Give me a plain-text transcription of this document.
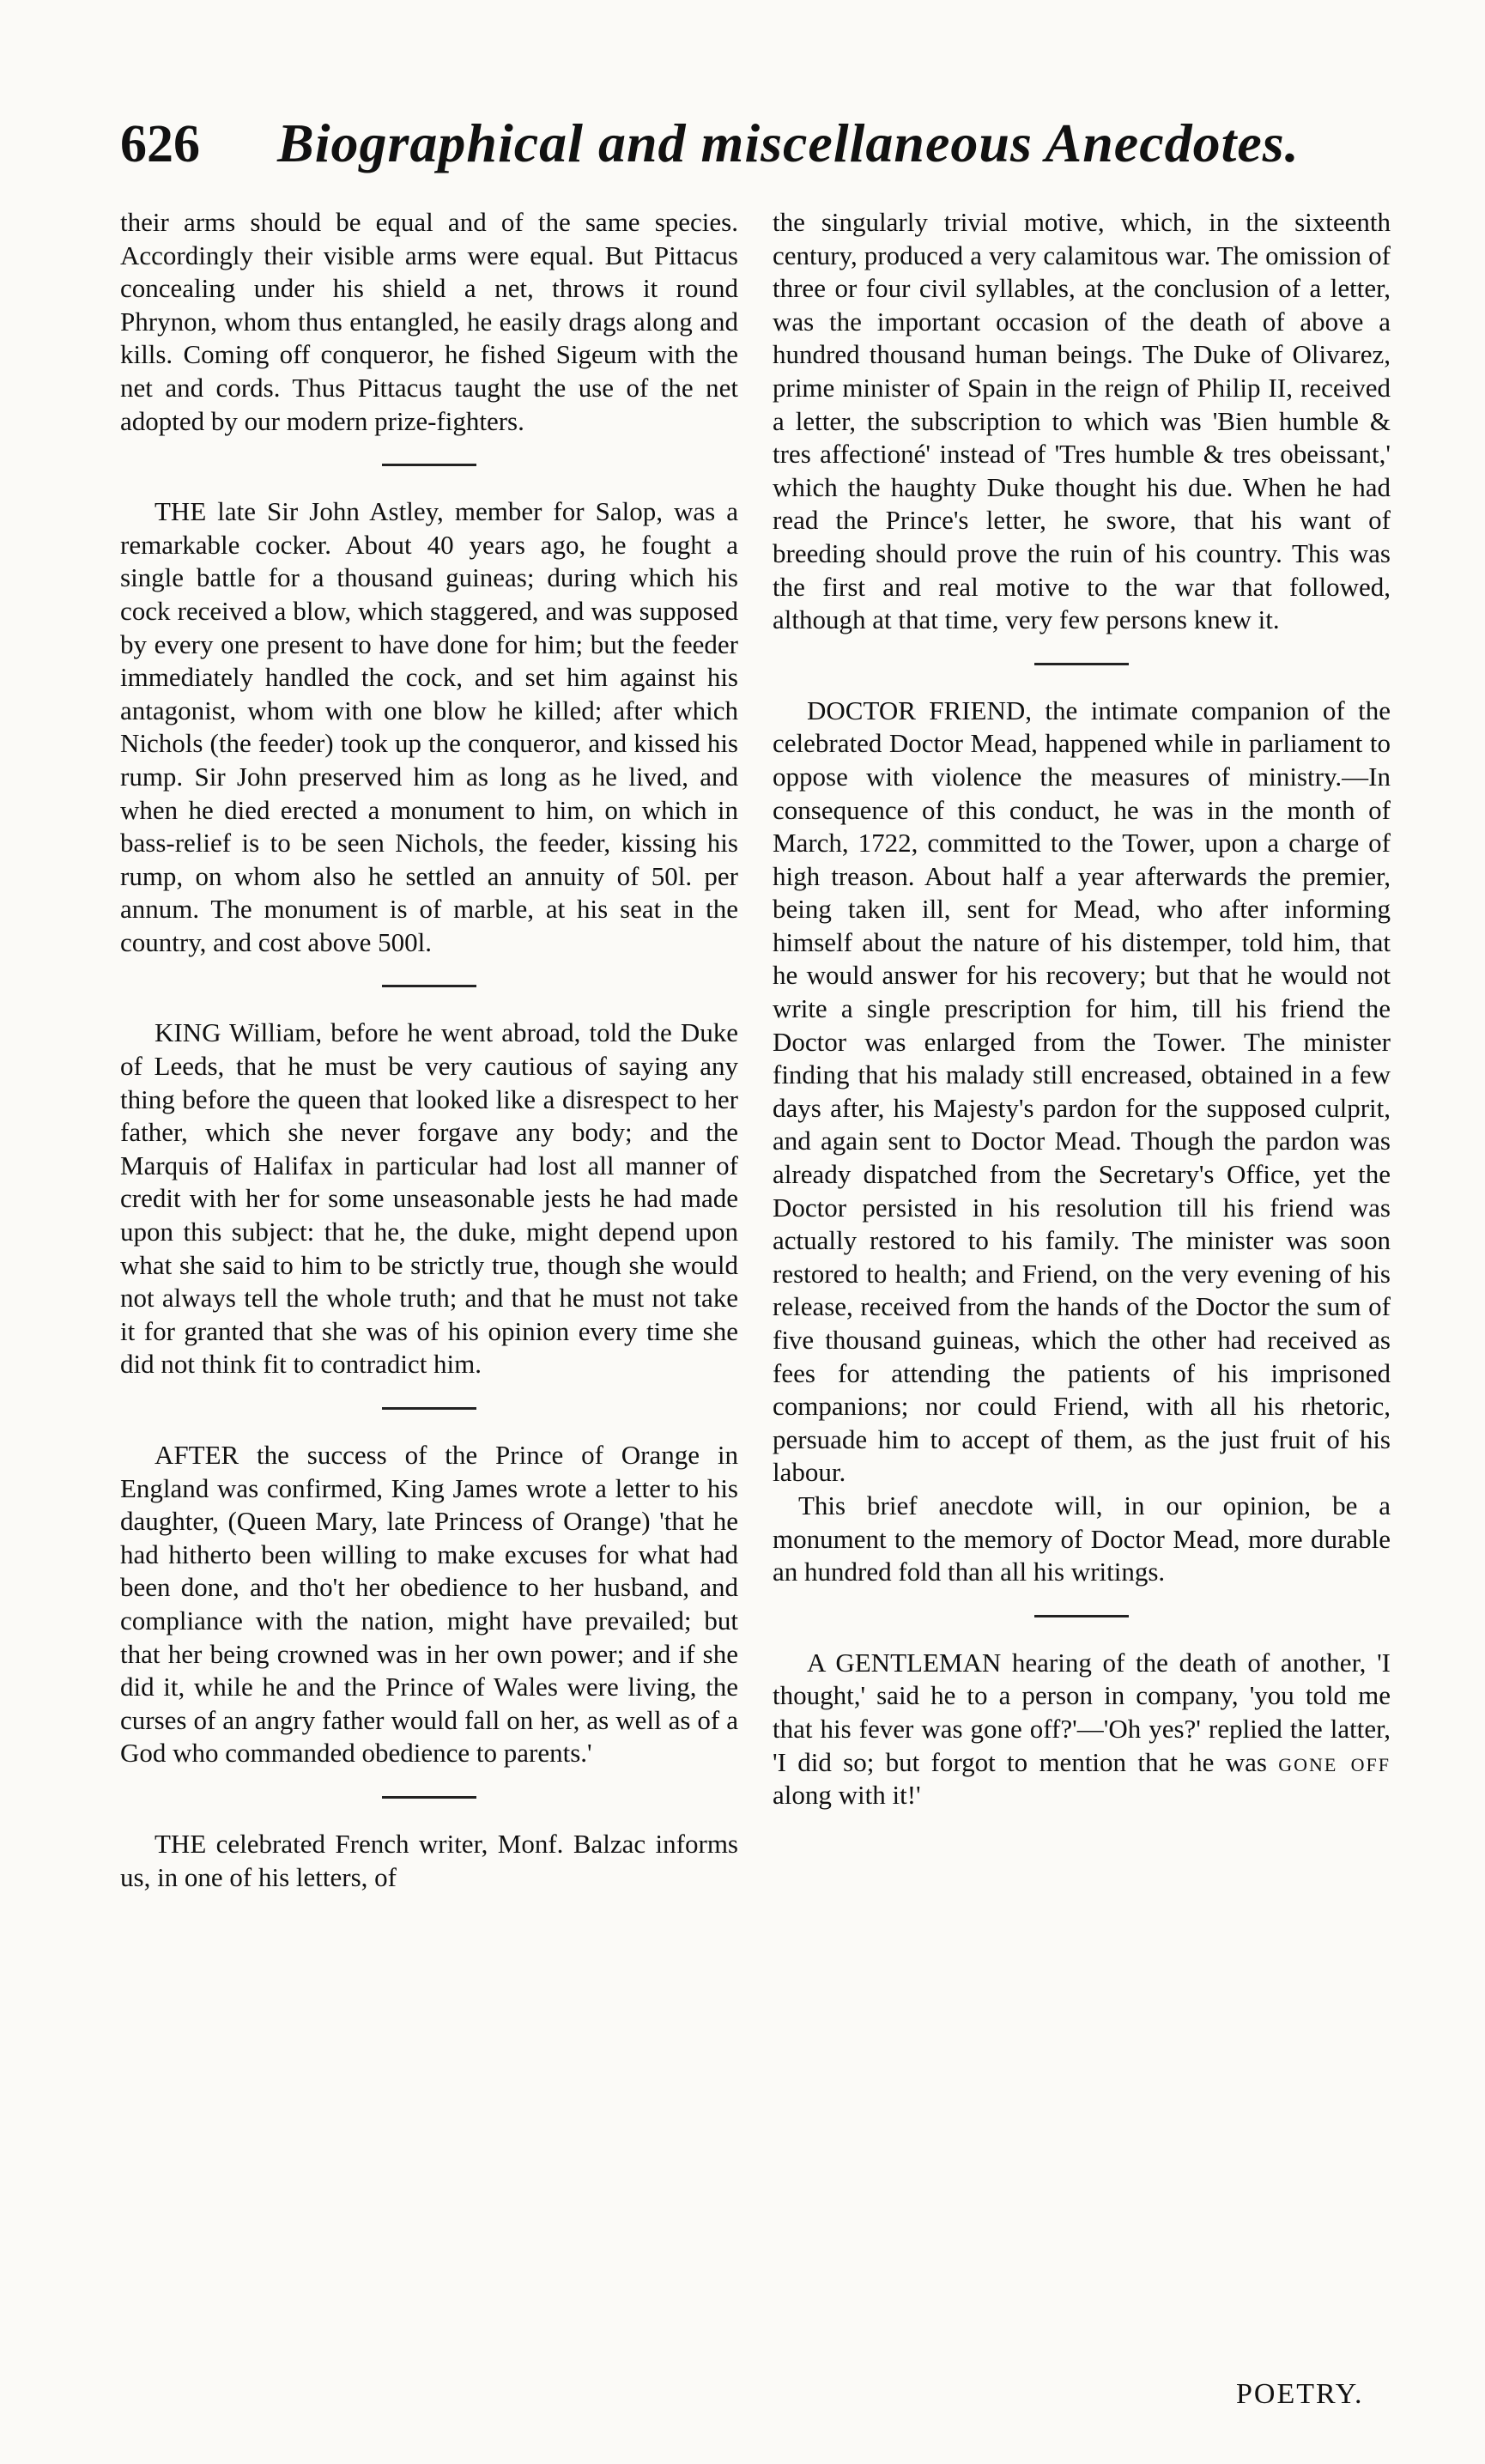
626 Biographical and miscellaneous Anecdotes.

their arms should be equal and of the same species. Accordingly their visible arms were equal. But Pittacus concealing under his shield a net, throws it round Phrynon, whom thus entangled, he easily drags along and kills. Coming off conqueror, he fished Sigeum with the net and cords. Thus Pittacus taught the use of the net adopted by our modern prize-fighters.

THE late Sir John Astley, member for Salop, was a remarkable cocker. About 40 years ago, he fought a single battle for a thousand guineas; during which his cock received a blow, which staggered, and was supposed by every one present to have done for him; but the feeder immediately handled the cock, and set him against his antagonist, whom with one blow he killed; after which Nichols (the feeder) took up the conqueror, and kissed his rump. Sir John preserved him as long as he lived, and when he died erected a monument to him, on which in bass-relief is to be seen Nichols, the feeder, kissing his rump, on whom also he settled an annuity of 50l. per annum. The monument is of marble, at his seat in the country, and cost above 500l.

KING William, before he went abroad, told the Duke of Leeds, that he must be very cautious of saying any thing before the queen that looked like a disrespect to her father, which she never forgave any body; and the Marquis of Halifax in particular had lost all manner of credit with her for some unseasonable jests he had made upon this subject: that he, the duke, might depend upon what she said to him to be strictly true, though she would not always tell the whole truth; and that he must not take it for granted that she was of his opinion every time she did not think fit to contradict him.

AFTER the success of the Prince of Orange in England was confirmed, King James wrote a letter to his daughter, (Queen Mary, late Princess of Orange) 'that he had hitherto been willing to make excuses for what had been done, and tho't her obedience to her husband, and compliance with the nation, might have prevailed; but that her being crowned was in her own power; and if she did it, while he and the Prince of Wales were living, the curses of an angry father would fall on her, as well as of a God who commanded obedience to parents.'

THE celebrated French writer, Monf. Balzac informs us, in one of his letters, of

the singularly trivial motive, which, in the sixteenth century, produced a very calamitous war. The omission of three or four civil syllables, at the conclusion of a letter, was the important occasion of the death of above a hundred thousand human beings. The Duke of Olivarez, prime minister of Spain in the reign of Philip II, received a letter, the subscription to which was 'Bien humble & tres affectioné' instead of 'Tres humble & tres obeissant,' which the haughty Duke thought his due. When he had read the Prince's letter, he swore, that his want of breeding should prove the ruin of his country. This was the first and real motive to the war that followed, although at that time, very few persons knew it.

DOCTOR FRIEND, the intimate companion of the celebrated Doctor Mead, happened while in parliament to oppose with violence the measures of ministry.—In consequence of this conduct, he was in the month of March, 1722, committed to the Tower, upon a charge of high treason. About half a year afterwards the premier, being taken ill, sent for Mead, who after informing himself about the nature of his distemper, told him, that he would answer for his recovery; but that he would not write a single prescription for him, till his friend the Doctor was enlarged from the Tower. The minister finding that his malady still encreased, obtained in a few days after, his Majesty's pardon for the supposed culprit, and again sent to Doctor Mead. Though the pardon was already dispatched from the Secretary's Office, yet the Doctor persisted in his resolution till his friend was actually restored to his family. The minister was soon restored to health; and Friend, on the very evening of his release, received from the hands of the Doctor the sum of five thousand guineas, which the other had received as fees for attending the patients of his imprisoned companions; nor could Friend, with all his rhetoric, persuade him to accept of them, as the just fruit of his labour.

This brief anecdote will, in our opinion, be a monument to the memory of Doctor Mead, more durable an hundred fold than all his writings.

A GENTLEMAN hearing of the death of another, 'I thought,' said he to a person in company, 'you told me that his fever was gone off?'—'Oh yes?' replied the latter, 'I did so; but forgot to mention that he was gone off along with it!'

POETRY.
